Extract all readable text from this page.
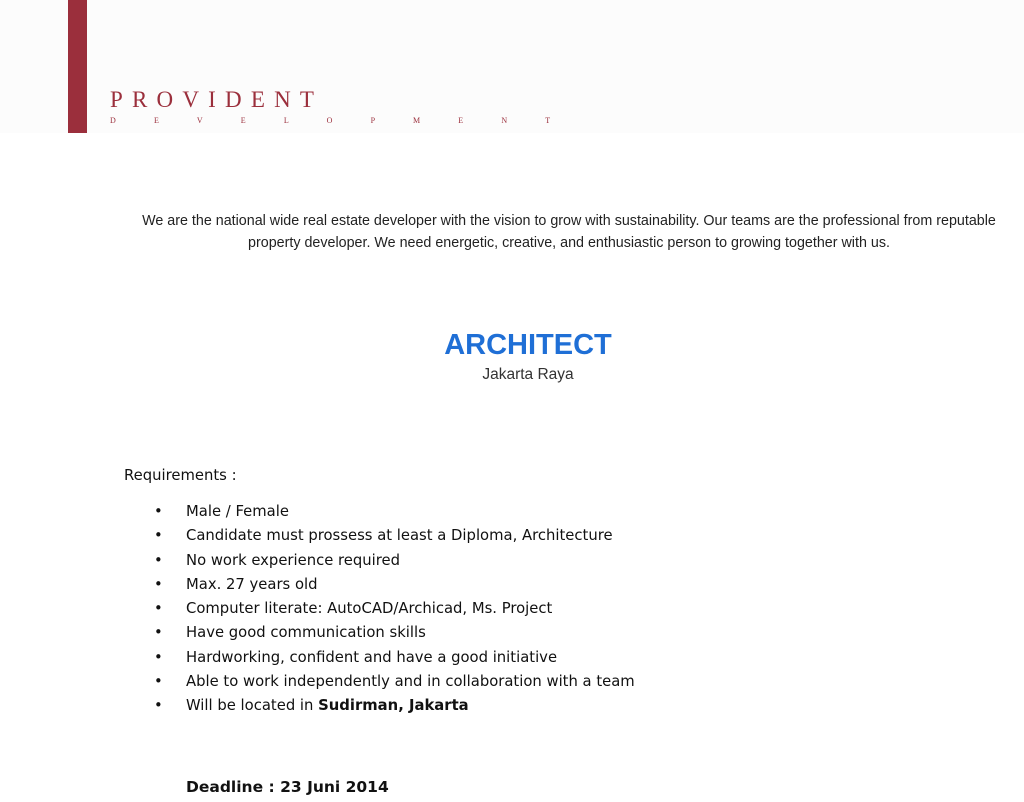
PROVIDENT
D E V E L O P M E N T
We are the national wide real estate developer with the vision to grow with sustainability. Our teams are the professional from reputable property developer. We need energetic, creative, and enthusiastic person to growing together with us.
ARCHITECT
Jakarta Raya
Requirements :
• Male / Female
• Candidate must prossess at least a Diploma, Architecture
• No work experience required
• Max. 27 years old
• Computer literate: AutoCAD/Archicad, Ms. Project
• Have good communication skills
• Hardworking, confident and have a good initiative
• Able to work independently and in collaboration with a team
• Will be located in Sudirman, Jakarta
Deadline : 23 Juni 2014
